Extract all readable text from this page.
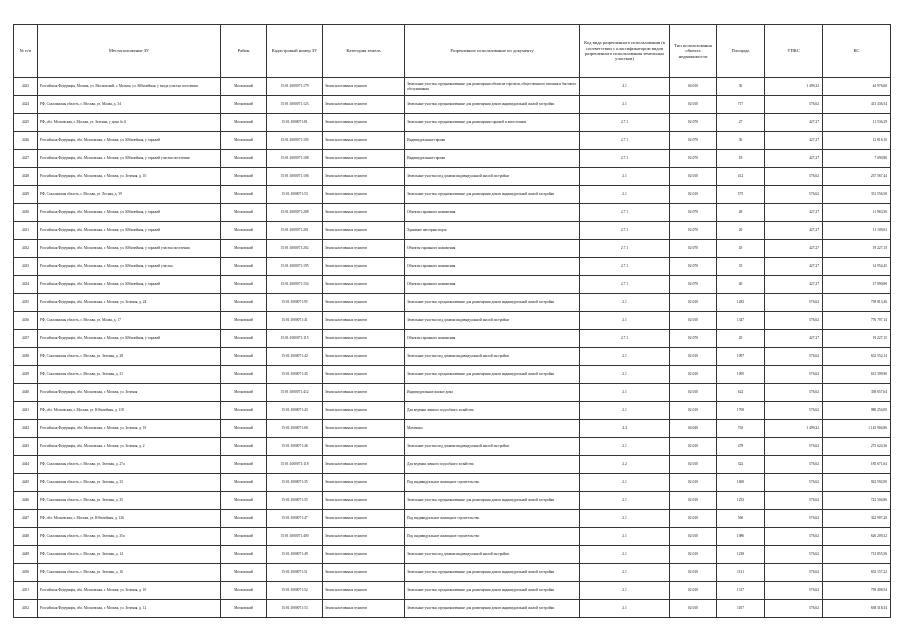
№ п/п	Местоположение ЗУ	Район	Кадастровый номер ЗУ	Категория земель	Разрешенное использование по документу	Код вида разрешенного использования (в соответствии с классификатором видов разрешенного использования земельных участков)	Тип использования объекта недвижимости	Площадь	УПКС	КС
4423	Российская Федерация, Москва, ул. Московский, г. Москва, ул. Юбилейная, у входа участка поселения	Московский	15:01:1000071:179	Земли населенных пунктов	Земельные участки, предназначенные для размещения объектов торговли, общественного питания и бытового обслуживания	4.1	04:010	30	1 499,22	44 976,60
4424	РФ, Сахалинская область, г. Москва, ул. Малая, д. 34	Московский	15:01:1000071:123	Земли населенных пунктов	Земельные участки, предназначенные для размещения домов индивидуальной жилой застройки	2.1	02:010	717	576,62	413 436,54
4425	РФ, обл. Московская, г. Москва, ул. Зеленая, у дома № 6	Московский	15:01:1000071:81	Земли населенных пунктов	Земельные участки, предназначенные для размещения гаражей и автостоянок	2.7.1	02:070	27	427,27	11 536,29
4426	Российская Федерация, обл. Московская, г. Москва, ул. Юбилейная, у гаражей	Московский	15:01:1000071:105	Земли населенных пунктов	Индивидуальные гаражи	2.7.1	02:070	30	427,27	12 818,10
4427	Российская Федерация, обл. Московская, г. Москва, ул. Юбилейная, у гаражей участка поселения	Московский	15:01:1000071:108	Земли населенных пунктов	Индивидуальные гаражи	2.7.1	02:070	18	427,27	7 690,86
4428	Российская Федерация, обл. Московская, г. Москва, ул. Зеленая, д. 10	Московский	15:01:1000071:106	Земли населенных пунктов	Земельные участки под домами индивидуальной жилой застройки	2.1	02:010	412	576,62	237 567,44
4429	РФ, Сахалинская область, г. Москва, ул. Лесная, д. 39	Московский	15:01:1000071:53	Земли населенных пунктов	Земельные участки, предназначенные для размещения домов индивидуальной жилой застройки	2.1	02:010	575	576,62	331 556,50
4430	Российская Федерация, обл. Московская, г. Москва, ул. Юбилейная, у гаражей	Московский	15:01:1000071:208	Земли населенных пунктов	Объекты гаражного назначения	2.7.1	02:070	28	427,27	11 963,56
4431	Российская Федерация, обл. Московская, г. Москва, ул. Юбилейная, у гаражей	Московский	15:01:1000071:201	Земли населенных пунктов	Хранение автотранспорта	2.7.1	02:070	26	427,27	11 109,02
4432	Российская Федерация, обл. Московская, г. Москва, ул. Юбилейная, у гаражей участка поселения	Московский	15:01:1000071:202	Земли населенных пунктов	Объекты гаражного назначения	2.7.1	02:070	45	427,27	19 227,15
4433	Российская Федерация, обл. Московская, г. Москва, ул. Юбилейная, у гаражей участка	Московский	15:01:1000071:195	Земли населенных пунктов	Объекты гаражного назначения	2.7.1	02:070	35	427,27	14 954,45
4434	Российская Федерация, обл. Московская, г. Москва, ул. Юбилейная, у гаражей	Московский	15:01:1000071:154	Земли населенных пунктов	Объекты гаражного назначения	2.7.1	02:070	40	427,27	17 090,80
4435	Российская Федерация, обл. Московская, г. Москва, ул. Зеленая, д. 24	Московский	15:01:1000071:95	Земли населенных пунктов	Земельные участки, предназначенные для размещения домов индивидуальной жилой застройки	2.1	02:010	1283	576,62	739 813,46
4436	РФ, Сахалинская область, г. Москва, ул. Малая, д. 17	Московский	15:01:1000071:41	Земли населенных пунктов	Земельные участки под домами индивидуальной жилой застройки	2.1	02:010	1347	576,62	776 707,14
4437	Российская Федерация, обл. Московская, г. Москва, ул. Юбилейная, у гаражей	Московский	15:01:1000071:115	Земли населенных пунктов	Объекты гаражного назначения	2.7.1	02:070	45	427,27	19 227,15
4438	РФ, Сахалинская область, г. Москва, ул. Зеленая, д. 28	Московский	15:01:1000071:42	Земли населенных пунктов	Земельные участки под домами индивидуальной жилой застройки	2.1	02:010	1097	576,62	632 552,14
4439	РФ, Сахалинская область, г. Москва, ул. Зеленая, д. 31	Московский	15:01:1000071:45	Земли населенных пунктов	Земельные участки, предназначенные для размещения домов индивидуальной жилой застройки	2.1	02:010	1095	576,62	631 399,90
4440	Российская Федерация, обл. Московская, г. Москва, ул. Зеленая	Московский	15:01:1000071:412	Земли населенных пунктов	Индивидуальные жилые дома	2.1	02:010	622	576,62	358 657,64
4441	РФ, обл. Московская, г. Москва, ул. Юбилейная, д. 118	Московский	15:01:1000071:43	Земли населенных пунктов	Для ведения личного подсобного хозяйства	2.1	02:010	1700	576,62	980 254,00
4442	Российская Федерация, обл. Московская, г. Москва, ул. Зеленая, д. 18	Московский	15:01:1000071:68	Земли населенных пунктов	Магазины	4.4	04:040	763	1 499,22	1 143 904,86
4443	Российская Федерация, обл. Московская, г. Москва, ул. Зеленая, д. 2	Московский	15:01:1000071:46	Земли населенных пунктов	Земельные участки под домами индивидуальной жилой застройки	2.1	02:010	478	576,62	275 624,36
4444	РФ, Сахалинская область, г. Москва, ул. Зеленая, д. 27а	Московский	15:01:1000071:118	Земли населенных пунктов	Для ведения личного подсобного хозяйства	2.2	02:010	322	576,62	185 671,64
4445	РФ, Сахалинская область, г. Москва, ул. Зеленая, д. 33	Московский	15:01:1000071:35	Земли населенных пунктов	Под индивидуальное жилищное строительство	2.1	02:010	1600	576,62	922 592,00
4446	РФ, Сахалинская область, г. Москва, ул. Зеленая, д. 35	Московский	15:01:1000071:55	Земли населенных пунктов	Земельные участки, предназначенные для размещения домов индивидуальной жилой застройки	2.1	02:010	1253	576,62	722 504,86
4447	РФ, обл. Московская, г. Москва, ул. Юбилейная, д. 126	Московский	15:01:1000071:47	Земли населенных пунктов	Под индивидуальное жилищное строительство	2.1	02:010	560	576,62	322 907,20
4448	РФ, Сахалинская область, г. Москва, ул. Зеленая, д. 35а	Московский	15:01:1000071:400	Земли населенных пунктов	Под индивидуальное жилищное строительство	2.1	02:010	1086	576,62	626 209,32
4449	РФ, Сахалинская область, г. Москва, ул. Зеленая, д. 14	Московский	15:01:1000071:49	Земли населенных пунктов	Земельные участки под домами индивидуальной жилой застройки	2.1	02:010	1238	576,62	713 855,56
4450	РФ, Сахалинская область, г. Москва, ул. Зеленая, д. 16	Московский	15:01:1000071:51	Земли населенных пунктов	Земельные участки, предназначенные для размещения домов индивидуальной жилой застройки	2.1	02:010	1131	576,62	652 157,22
4451	Российская Федерация, обл. Московская, г. Москва, ул. Зеленая, д. 10	Московский	15:01:1000071:52	Земли населенных пунктов	Земельные участки, предназначенные для размещения домов индивидуальной жилой застройки	2.1	02:010	1317	576,62	759 408,54
4452	Российская Федерация, обл. Московская, г. Москва, ул. Зеленая, д. 12	Московский	15:01:1000071:53	Земли населенных пунктов	Земельные участки, предназначенные для размещения домов индивидуальной жилой застройки	2.1	02:010	1107	576,62	638 318,34
